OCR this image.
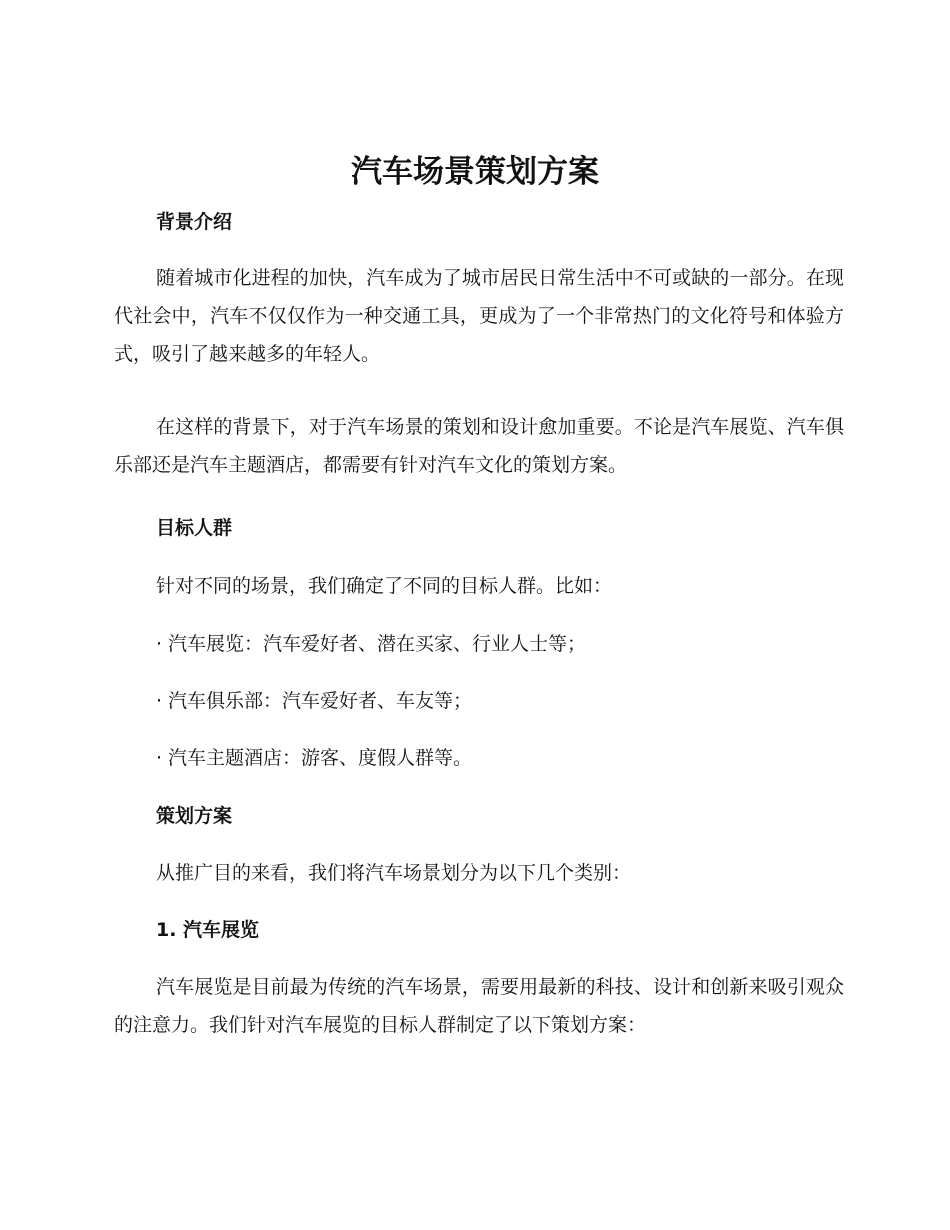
汽车场景策划方案
背景介绍

随着城市化进程的加快，汽车成为了城市居民日常生活中不可或缺的一部分。在现代社会中，汽车不仅仅作为一种交通工具，更成为了一个非常热门的文化符号和体验方式，吸引了越来越多的年轻人。

在这样的背景下，对于汽车场景的策划和设计愈加重要。不论是汽车展览、汽车俱乐部还是汽车主题酒店，都需要有针对汽车文化的策划方案。

目标人群

针对不同的场景，我们确定了不同的目标人群。比如：

· 汽车展览：汽车爱好者、潜在买家、行业人士等；

· 汽车俱乐部：汽车爱好者、车友等；

· 汽车主题酒店：游客、度假人群等。

策划方案

从推广目的来看，我们将汽车场景划分为以下几个类别：

1. 汽车展览

汽车展览是目前最为传统的汽车场景，需要用最新的科技、设计和创新来吸引观众的注意力。我们针对汽车展览的目标人群制定了以下策划方案：
